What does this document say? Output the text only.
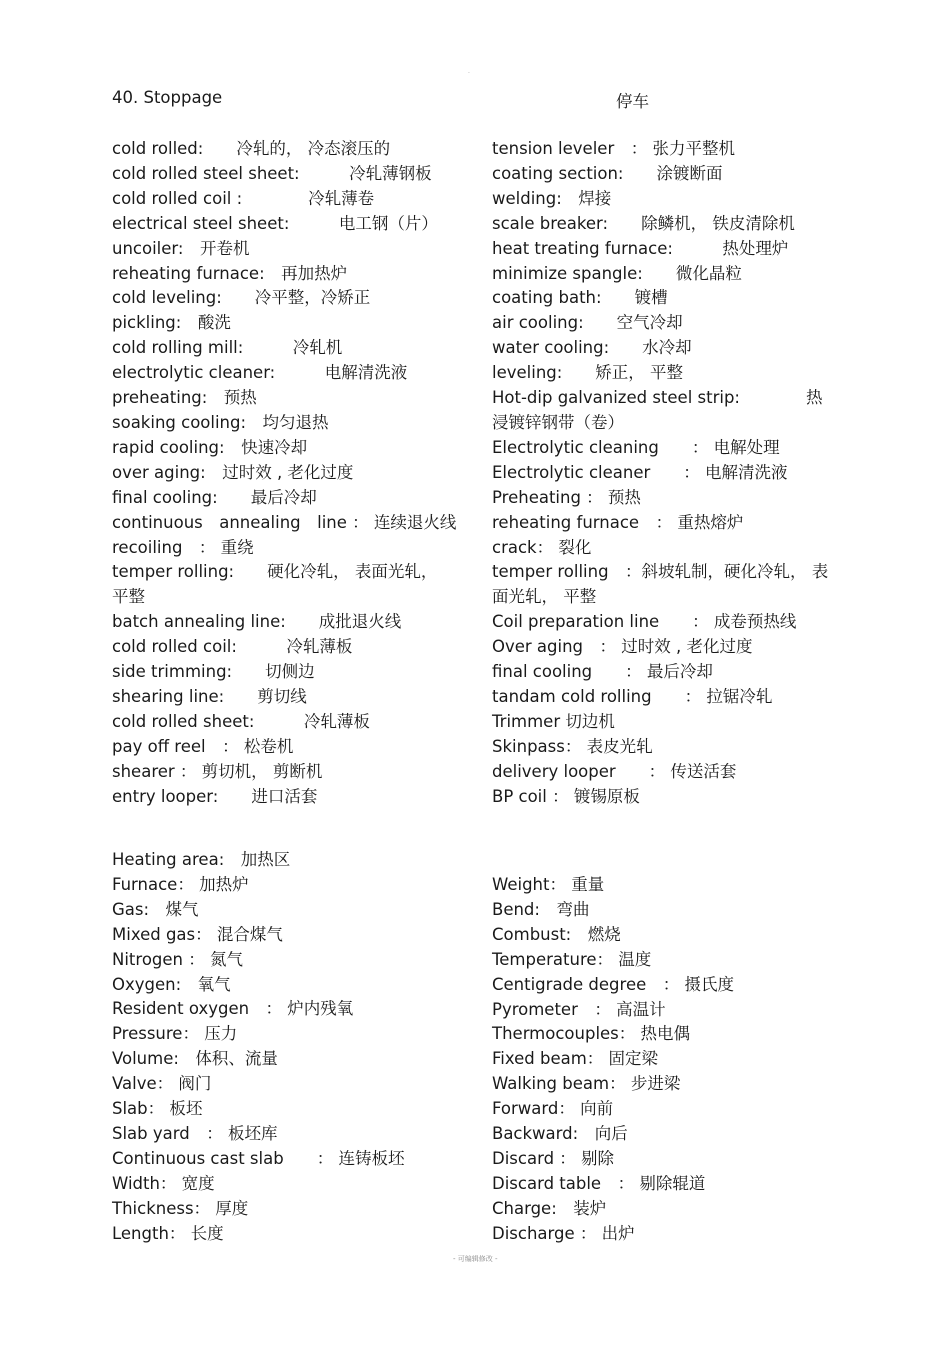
·
40. Stoppage	停车
cold rolled:　　冷轧的， 冷态滚压的
cold rolled steel sheet:　　　冷轧薄钢板
cold rolled coil :　　　　冷轧薄卷
electrical steel sheet:　　　电工钢（片）
uncoiler:　开卷机
reheating furnace:　再加热炉
cold leveling:　　冷平整，冷矫正
pickling:　酸洗
cold rolling mill:　　　冷轧机
electrolytic cleaner:　　　电解清洗液
preheating:　预热
soaking cooling:　均匀退热
rapid cooling:　快速冷却
over aging:　过时效 , 老化过度
final cooling:　　最后冷却
continuous　annealing　line ： 连续退火线
recoiling　： 重绕
temper rolling:　　硬化冷轧， 表面光轧， 平整
batch annealing line:　　成批退火线
cold rolled coil:　　　冷轧薄板
side trimming:　　切侧边
shearing line:　　剪切线
cold rolled sheet:　　　冷轧薄板
pay off reel　： 松卷机
shearer ： 剪切机， 剪断机
entry looper:　　进口活套
tension leveler　： 张力平整机
coating section:　　涂镀断面
welding:　焊接
scale breaker:　　除鳞机， 铁皮清除机
heat treating furnace:　　　热处理炉
minimize spangle:　　微化晶粒
coating bath:　　镀槽
air cooling:　　空气冷却
water cooling:　　水冷却
leveling:　　矫正， 平整
Hot-dip galvanized steel strip:　　　　热浸镀锌钢带（卷）
Electrolytic cleaning　　： 电解处理
Electrolytic cleaner　　： 电解清洗液
Preheating ： 预热
reheating furnace　： 重热熔炉
crack： 裂化
temper rolling　：斜坡轧制，硬化冷轧， 表面光轧， 平整
Coil preparation line　　： 成卷预热线
Over aging　： 过时效 , 老化过度
final cooling　　： 最后冷却
tandam cold rolling　　： 拉锯冷轧
Trimmer 切边机
Skinpass： 表皮光轧
delivery looper　　： 传送活套
BP coil ： 镀锡原板
Heating area:　加热区
Furnace： 加热炉
Gas:　煤气
Mixed gas： 混合煤气
Nitrogen ： 氮气
Oxygen:　氧气
Resident oxygen　： 炉内残氧
Pressure： 压力
Volume:　体积、流量
Valve： 阀门
Slab： 板坯
Slab yard　： 板坯库
Continuous cast slab　　： 连铸板坯
Width： 宽度
Thickness： 厚度
Length： 长度
Weight： 重量
Bend:　弯曲
Combust:　燃烧
Temperature： 温度
Centigrade degree　： 摄氏度
Pyrometer　： 高温计
Thermocouples： 热电偶
Fixed beam： 固定梁
Walking beam： 步进梁
Forward： 向前
Backward:　向后
Discard ： 剔除
Discard table　： 剔除辊道
Charge:　装炉
Discharge ： 出炉
- 可编辑修改 -
